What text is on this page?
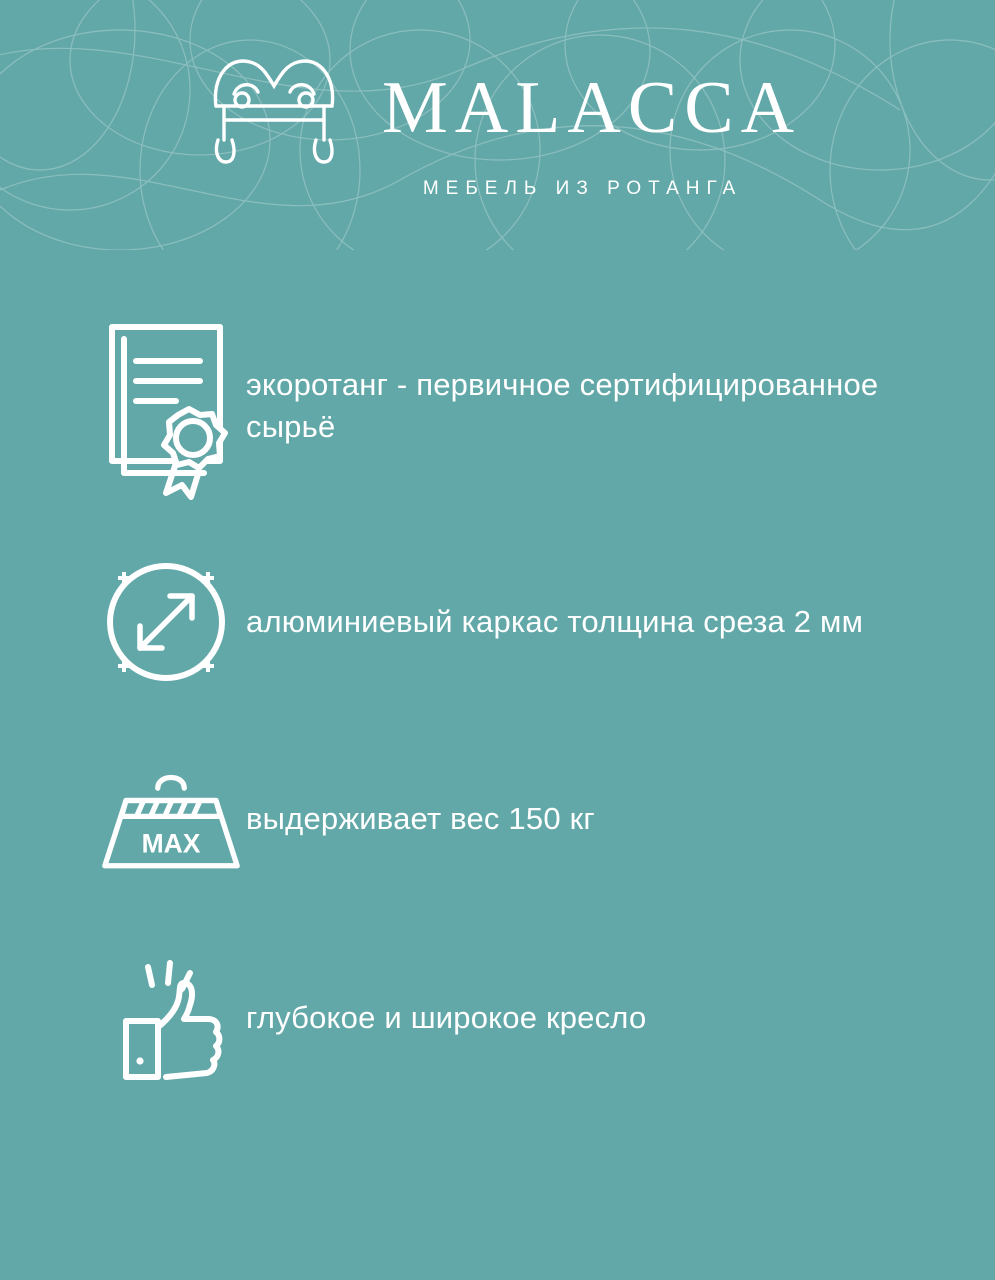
MALACCA
МЕБЕЛЬ ИЗ РОТАНГА
экоротанг - первичное сертифицированное сырьё
алюминиевый каркас толщина среза 2 мм
MAX
выдерживает вес 150 кг
глубокое и широкое кресло
